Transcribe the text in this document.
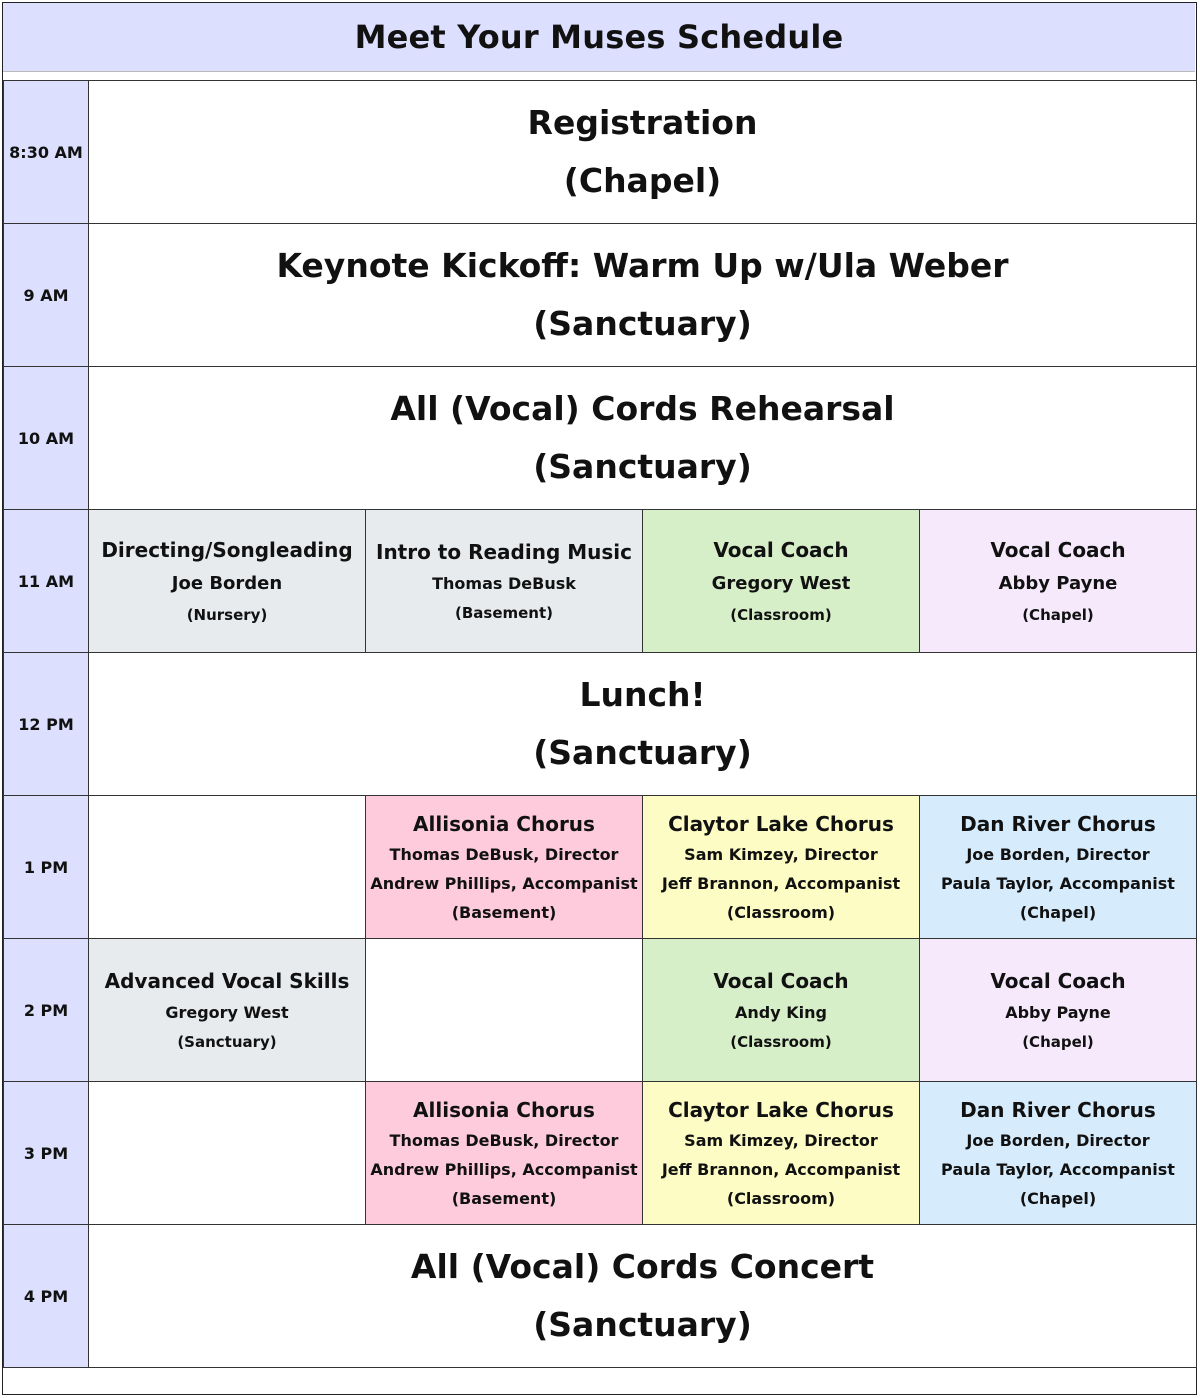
Meet Your Muses Schedule
8:30 AM	Registration
(Chapel)			

9 AM	Keynote Kickoff: Warm Up w/Ula Weber
(Sanctuary)			

10 AM	All (Vocal) Cords Rehearsal
(Sanctuary)			

11 AM	Directing/Songleading
Joe Borden
(Nursery)	Intro to Reading Music
Thomas DeBusk
(Basement)	Vocal Coach
Gregory West
(Classroom)	Vocal Coach
Abby Payne
(Chapel)

12 PM	Lunch!
(Sanctuary)			

1 PM		Allisonia Chorus
Thomas DeBusk, Director
Andrew Phillips, Accompanist
(Basement)	Claytor Lake Chorus
Sam Kimzey, Director
Jeff Brannon, Accompanist
(Classroom)	Dan River Chorus
Joe Borden, Director
Paula Taylor, Accompanist
(Chapel)

2 PM	Advanced Vocal Skills
Gregory West
(Sanctuary)		Vocal Coach
Andy King
(Classroom)	Vocal Coach
Abby Payne
(Chapel)

3 PM		Allisonia Chorus
Thomas DeBusk, Director
Andrew Phillips, Accompanist
(Basement)	Claytor Lake Chorus
Sam Kimzey, Director
Jeff Brannon, Accompanist
(Classroom)	Dan River Chorus
Joe Borden, Director
Paula Taylor, Accompanist
(Chapel)

4 PM	All (Vocal) Cords Concert
(Sanctuary)			
